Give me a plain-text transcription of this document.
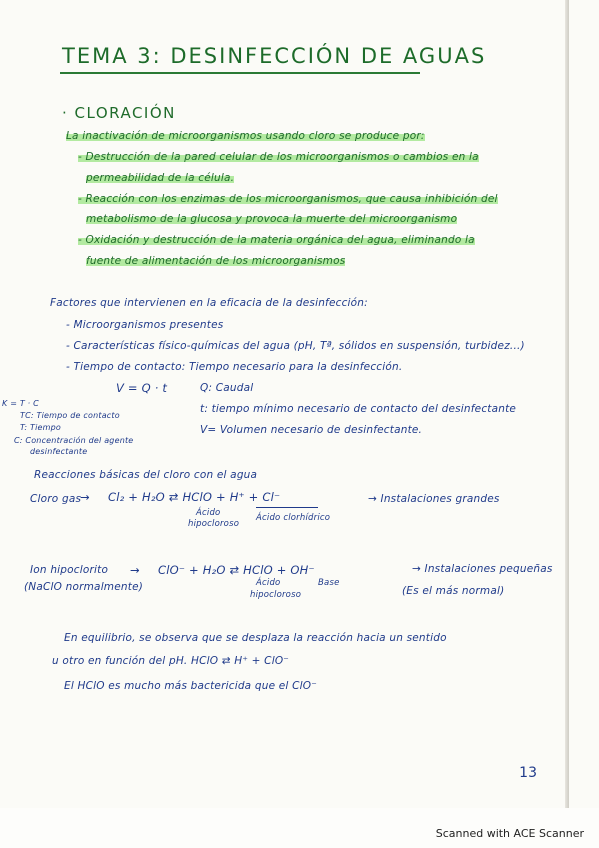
TEMA 3: DESINFECCIÓN DE AGUAS
· CLORACIÓN
La inactivación de microorganismos usando cloro se produce por:
- Destrucción de la pared celular de los microorganismos o cambios en la
permeabilidad de la célula.
- Reacción con los enzimas de los microorganismos, que causa inhibición del
metabolismo de la glucosa y provoca la muerte del microorganismo
- Oxidación y destrucción de la materia orgánica del agua, eliminando la
fuente de alimentación de los microorganismos
Factores que intervienen en la eficacia de la desinfección:
- Microorganismos presentes
- Características físico-químicas del agua (pH, Tª, sólidos en suspensión, turbidez...)
- Tiempo de contacto: Tiempo necesario para la desinfección.
V = Q · t	Q: Caudal
t: tiempo mínimo necesario de contacto del desinfectante
V= Volumen necesario de desinfectante.
K = T · C
TC: Tiempo de contacto
T: Tiempo
C: Concentración del agente
desinfectante
Reacciones básicas del cloro con el agua
Cloro gas
→ Cl₂ + H₂O ⇄ HClO + H⁺ + Cl⁻	→ Instalaciones grandes
Ácido
hipocloroso
Ácido clorhídrico
Ion hipoclorito
(NaClO normalmente)
→ ClO⁻ + H₂O ⇄ HClO + OH⁻	→ Instalaciones pequeñas
(Es el más normal)
Ácido
hipocloroso
Base
En equilibrio, se observa que se desplaza la reacción hacia un sentido
u otro en función del pH. HClO ⇄ H⁺ + ClO⁻
El HClO es mucho más bactericida que el ClO⁻
13
Scanned with ACE Scanner
